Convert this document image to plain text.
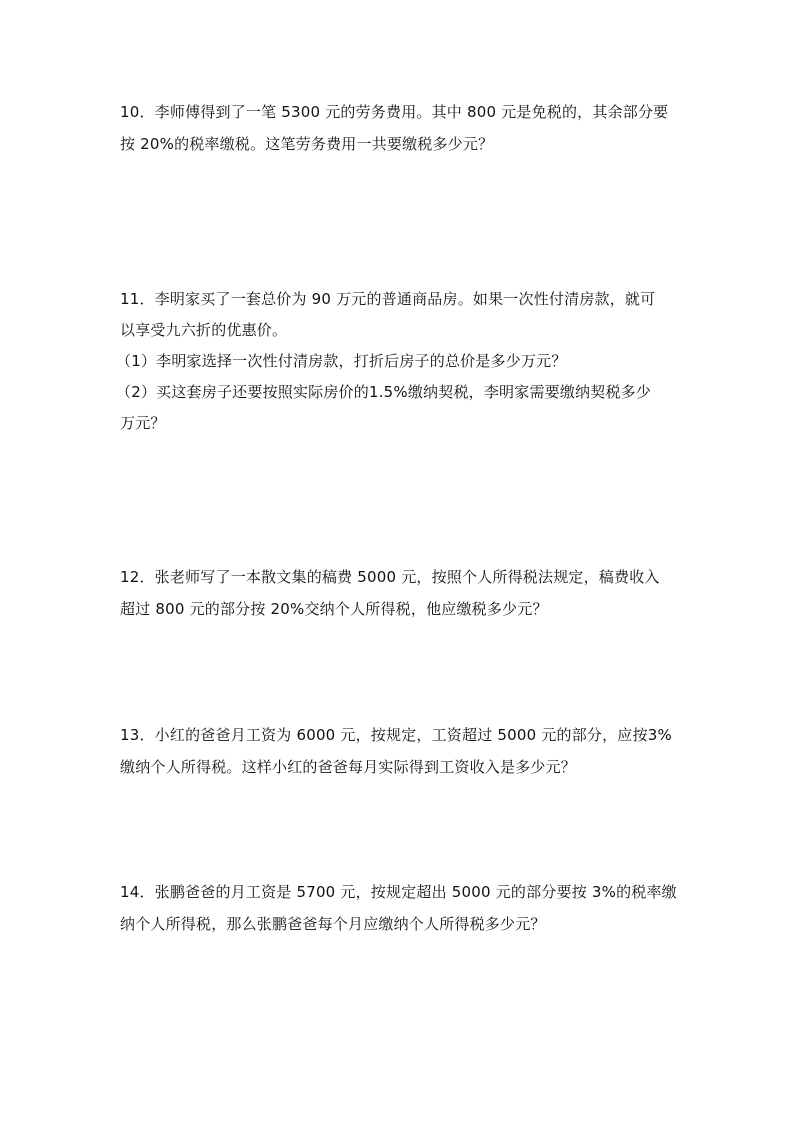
10．李师傅得到了一笔 5300 元的劳务费用。其中 800 元是免税的，其余部分要
按 20%的税率缴税。这笔劳务费用一共要缴税多少元？
11．李明家买了一套总价为 90 万元的普通商品房。如果一次性付清房款，就可
以享受九六折的优惠价。
（1）李明家选择一次性付清房款，打折后房子的总价是多少万元？
（2）买这套房子还要按照实际房价的1.5%缴纳契税，李明家需要缴纳契税多少
万元？
12．张老师写了一本散文集的稿费 5000 元，按照个人所得税法规定，稿费收入
超过 800 元的部分按 20%交纳个人所得税，他应缴税多少元？
13．小红的爸爸月工资为 6000 元，按规定，工资超过 5000 元的部分，应按3%
缴纳个人所得税。这样小红的爸爸每月实际得到工资收入是多少元？
14．张鹏爸爸的月工资是 5700 元，按规定超出 5000 元的部分要按 3%的税率缴
纳个人所得税，那么张鹏爸爸每个月应缴纳个人所得税多少元？
